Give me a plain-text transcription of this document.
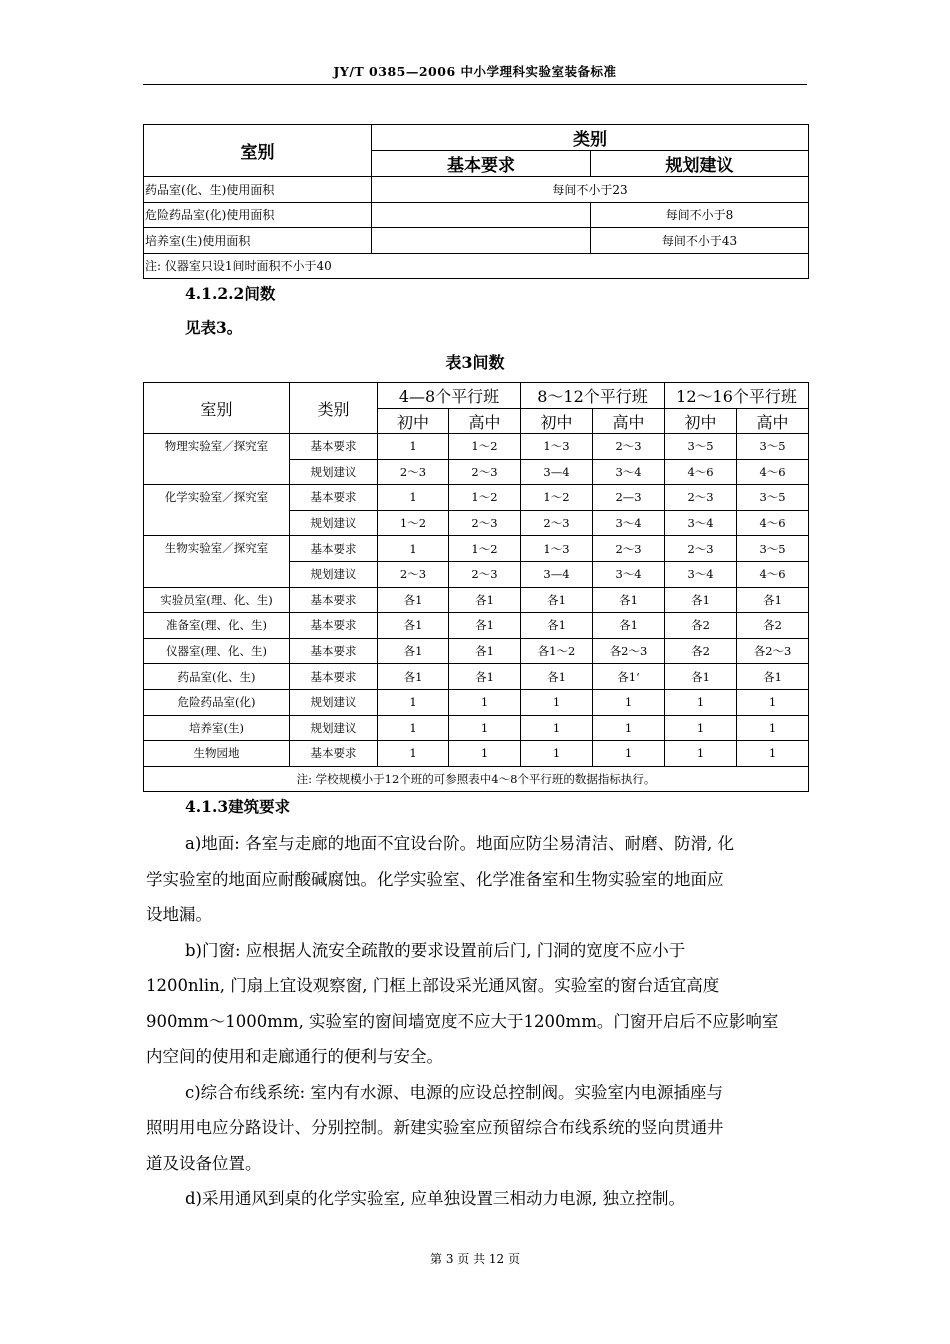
JY/T 0385—2006 中小学理科实验室装备标准
室别	类别	
	基本要求	规划建议
药品室(化、生)使用面积	每间不小于23	
危险药品室(化)使用面积		每间不小于8
培养室(生)使用面积		每间不小于43
注: 仪器室只设1间时面积不小于40		
4.1.2.2间数
见表3。
表3间数
室别	类别	4—8个平行班		8～12个平行班		12～16个平行班	
		初中	高中	初中	高中	初中	高中
物理实验室／探究室	基本要求	1	1～2	1～3	2～3	3～5	3～5
	规划建议	2～3	2～3	3—4	3～4	4～6	4～6
化学实验室／探究室	基本要求	1	1～2	1～2	2—3	2～3	3～5
	规划建议	1～2	2～3	2～3	3～4	3～4	4～6
生物实验室／探究室	基本要求	1	1～2	1～3	2～3	2～3	3～5
	规划建议	2～3	2～3	3—4	3～4	3～4	4～6
实验员室(理、化、生)	基本要求	各1	各1	各1	各1	各1	各1
准备室(理、化、生)	基本要求	各1	各1	各1	各1	各2	各2
仪器室(理、化、生)	基本要求	各1	各1	各1～2	各2～3	各2	各2～3
药品室(化、生)	基本要求	各1	各1	各1	各1‘	各1	各1
危险药品室(化)	规划建议	1	1	1	1	1	1
培养室(生)	规划建议	1	1	1	1	1	1
生物园地	基本要求	1	1	1	1	1	1
注: 学校规模小于12个班的可参照表中4～8个平行班的数据指标执行。							
4.1.3建筑要求

a)地面: 各室与走廊的地面不宜设台阶。地面应防尘易清洁、耐磨、防滑, 化

学实验室的地面应耐酸碱腐蚀。化学实验室、化学准备室和生物实验室的地面应

设地漏。

b)门窗: 应根据人流安全疏散的要求设置前后门, 门洞的宽度不应小于

1200nlin, 门扇上宜设观察窗, 门框上部设采光通风窗。实验室的窗台适宜高度

900mm～1000mm, 实验室的窗间墙宽度不应大于1200mm。门窗开启后不应影响室

内空间的使用和走廊通行的便利与安全。

c)综合布线系统: 室内有水源、电源的应设总控制阀。实验室内电源插座与

照明用电应分路设计、分别控制。新建实验室应预留综合布线系统的竖向贯通井

道及设备位置。

d)采用通风到桌的化学实验室, 应单独设置三相动力电源, 独立控制。

第 3 页 共 12 页
